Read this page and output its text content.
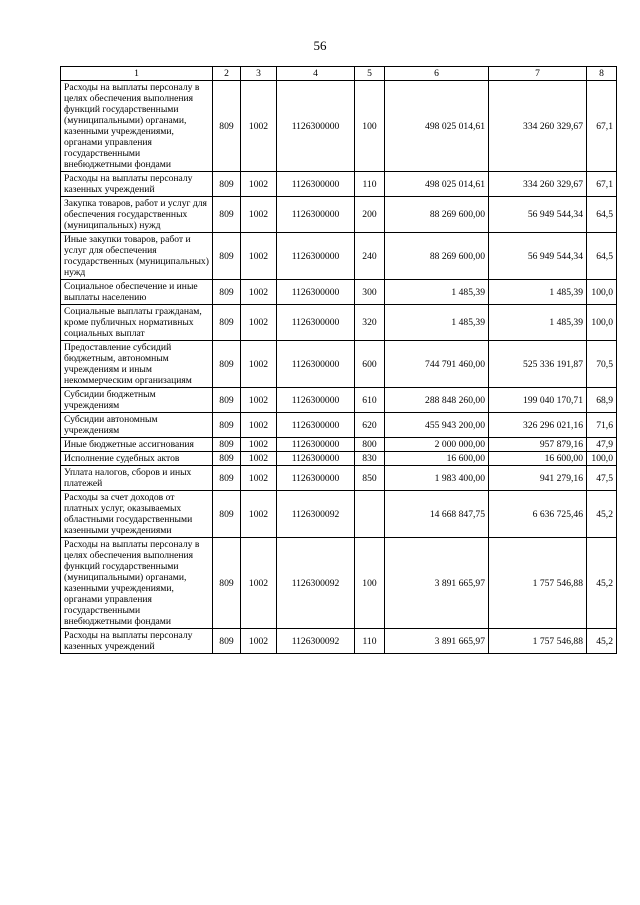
56
1	2	3	4	5	6	7	8
Расходы на выплаты персоналу в целях обеспечения выполнения функций государственными (муниципальными) органами, казенными учреждениями, органами управления государственными внебюджетными фондами	809	1002	1126300000	100	498 025 014,61	334 260 329,67	67,1
Расходы на выплаты персоналу казенных учреждений	809	1002	1126300000	110	498 025 014,61	334 260 329,67	67,1
Закупка товаров, работ и услуг для обеспечения государственных (муниципальных) нужд	809	1002	1126300000	200	88 269 600,00	56 949 544,34	64,5
Иные закупки товаров, работ и услуг для обеспечения государственных (муниципальных) нужд	809	1002	1126300000	240	88 269 600,00	56 949 544,34	64,5
Социальное обеспечение и иные выплаты населению	809	1002	1126300000	300	1 485,39	1 485,39	100,0
Социальные выплаты гражданам, кроме публичных нормативных социальных выплат	809	1002	1126300000	320	1 485,39	1 485,39	100,0
Предоставление субсидий бюджетным, автономным учреждениям и иным некоммерческим организациям	809	1002	1126300000	600	744 791 460,00	525 336 191,87	70,5
Субсидии бюджетным учреждениям	809	1002	1126300000	610	288 848 260,00	199 040 170,71	68,9
Субсидии автономным учреждениям	809	1002	1126300000	620	455 943 200,00	326 296 021,16	71,6
Иные бюджетные ассигнования	809	1002	1126300000	800	2 000 000,00	957 879,16	47,9
Исполнение судебных актов	809	1002	1126300000	830	16 600,00	16 600,00	100,0
Уплата налогов, сборов и иных платежей	809	1002	1126300000	850	1 983 400,00	941 279,16	47,5
Расходы за счет доходов от платных услуг, оказываемых областными государственными казенными учреждениями	809	1002	1126300092		14 668 847,75	6 636 725,46	45,2
Расходы на выплаты персоналу в целях обеспечения выполнения функций государственными (муниципальными) органами, казенными учреждениями, органами управления государственными внебюджетными фондами	809	1002	1126300092	100	3 891 665,97	1 757 546,88	45,2
Расходы на выплаты персоналу казенных учреждений	809	1002	1126300092	110	3 891 665,97	1 757 546,88	45,2
